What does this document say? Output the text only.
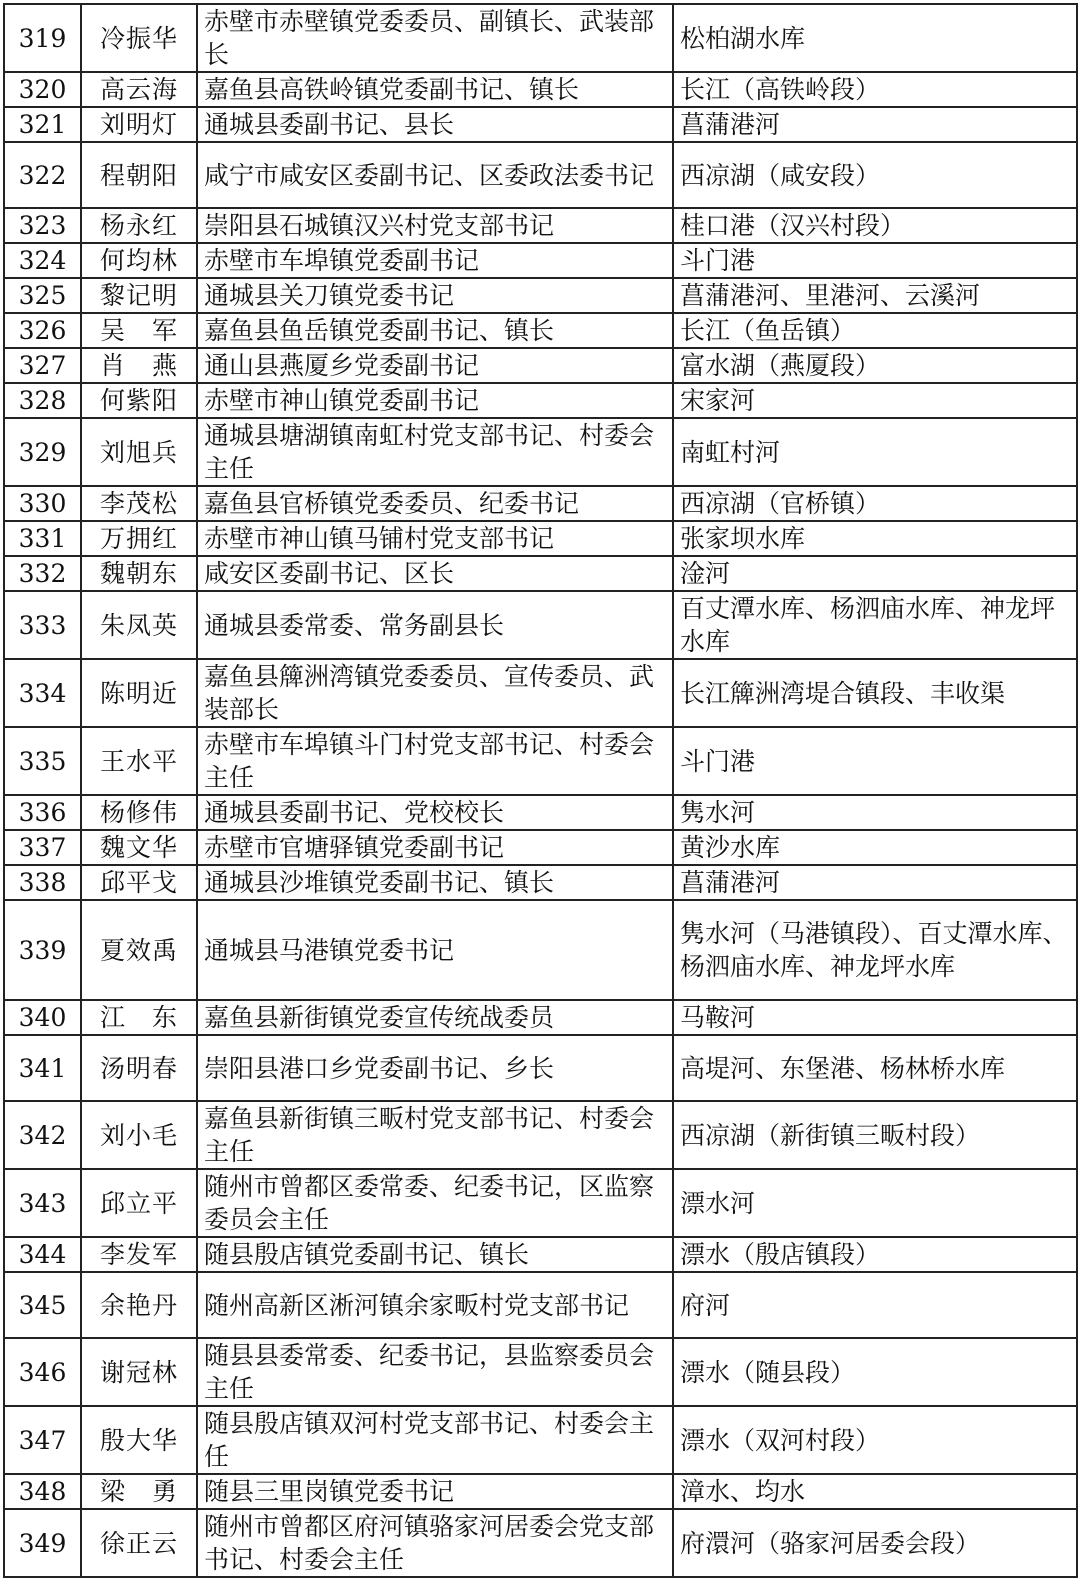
319	冷振华	赤壁市赤壁镇党委委员、副镇长、武装部长	松柏湖水库
320	高云海	嘉鱼县高铁岭镇党委副书记、镇长	长江（高铁岭段）
321	刘明灯	通城县委副书记、县长	菖蒲港河
322	程朝阳	咸宁市咸安区委副书记、区委政法委书记	西凉湖（咸安段）
323	杨永红	崇阳县石城镇汉兴村党支部书记	桂口港（汉兴村段）
324	何均林	赤壁市车埠镇党委副书记	斗门港
325	黎记明	通城县关刀镇党委书记	菖蒲港河、里港河、云溪河
326	吴　军	嘉鱼县鱼岳镇党委副书记、镇长	长江（鱼岳镇）
327	肖　燕	通山县燕厦乡党委副书记	富水湖（燕厦段）
328	何紫阳	赤壁市神山镇党委副书记	宋家河
329	刘旭兵	通城县塘湖镇南虹村党支部书记、村委会主任	南虹村河
330	李茂松	嘉鱼县官桥镇党委委员、纪委书记	西凉湖（官桥镇）
331	万拥红	赤壁市神山镇马铺村党支部书记	张家坝水库
332	魏朝东	咸安区委副书记、区长	淦河
333	朱凤英	通城县委常委、常务副县长	百丈潭水库、杨泗庙水库、神龙坪水库
334	陈明近	嘉鱼县簰洲湾镇党委委员、宣传委员、武装部长	长江簰洲湾堤合镇段、丰收渠
335	王水平	赤壁市车埠镇斗门村党支部书记、村委会主任	斗门港
336	杨修伟	通城县委副书记、党校校长	隽水河
337	魏文华	赤壁市官塘驿镇党委副书记	黄沙水库
338	邱平戈	通城县沙堆镇党委副书记、镇长	菖蒲港河
339	夏效禹	通城县马港镇党委书记	隽水河（马港镇段）、百丈潭水库、杨泗庙水库、神龙坪水库
340	江　东	嘉鱼县新街镇党委宣传统战委员	马鞍河
341	汤明春	崇阳县港口乡党委副书记、乡长	高堤河、东堡港、杨林桥水库
342	刘小毛	嘉鱼县新街镇三畈村党支部书记、村委会主任	西凉湖（新街镇三畈村段）
343	邱立平	随州市曾都区委常委、纪委书记，区监察委员会主任	漂水河
344	李发军	随县殷店镇党委副书记、镇长	漂水（殷店镇段）
345	余艳丹	随州高新区淅河镇余家畈村党支部书记	府河
346	谢冠林	随县县委常委、纪委书记，县监察委员会主任	漂水（随县段）
347	殷大华	随县殷店镇双河村党支部书记、村委会主任	漂水（双河村段）
348	梁　勇	随县三里岗镇党委书记	漳水、均水
349	徐正云	随州市曾都区府河镇骆家河居委会党支部书记、村委会主任	府澴河（骆家河居委会段）
